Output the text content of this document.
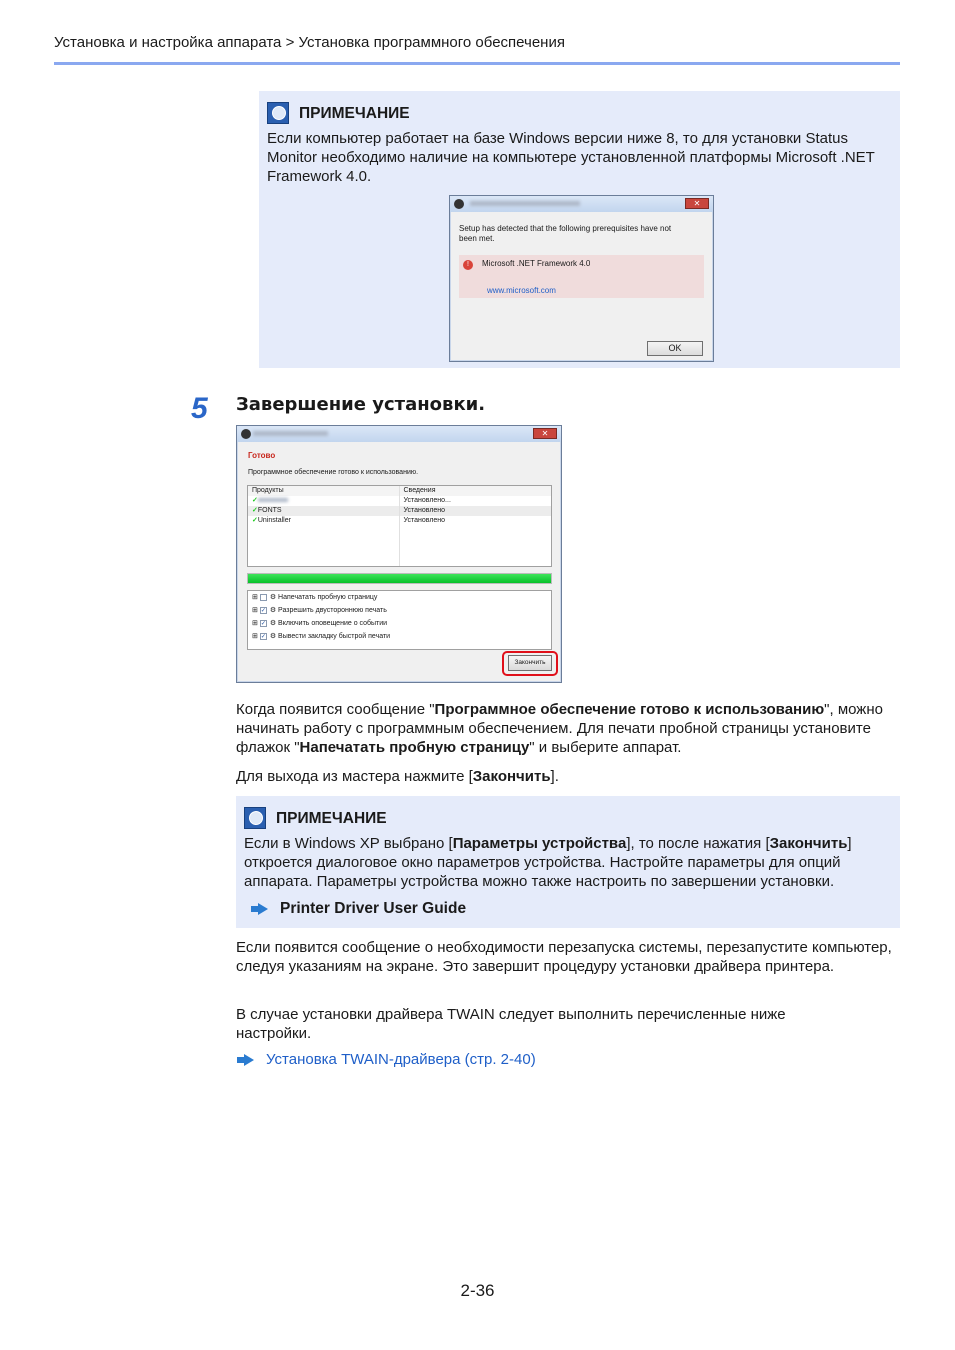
Установка и настройка аппарата > Установка программного обеспечения
ПРИМЕЧАНИЕ
Если компьютер работает на базе Windows версии ниже 8, то для установки Status Monitor необходимо наличие на компьютере установленной платформы Microsoft .NET Framework 4.0.
✕
Setup has detected that the following prerequisites have not been met.
!	Microsoft .NET Framework 4.0
www.microsoft.com
OK
5 Завершение установки.
✕
Готово
Программное обеспечение готово к использованию.
Продукты	Сведения
✓	Установлено...
✓FONTS	Установлено
✓Uninstaller	Установлено
⊞ ⚙ Напечатать пробную страницу
⊞ ✓ ⚙ Разрешить двустороннюю печать
⊞ ✓ ⚙ Включить оповещение о событии
⊞ ✓ ⚙ Вывести закладку быстрой печати
Закончить
Когда появится сообщение "Программное обеспечение готово к использованию", можно начинать работу с программным обеспечением. Для печати пробной страницы установите флажок "Напечатать пробную страницу" и выберите аппарат.
Для выхода из мастера нажмите [Закончить].
ПРИМЕЧАНИЕ
Если в Windows XP выбрано [Параметры устройства], то после нажатия [Закончить] откроется диалоговое окно параметров устройства. Настройте параметры для опций аппарата. Параметры устройства можно также настроить по завершении установки.
Printer Driver User Guide
Если появится сообщение о необходимости перезапуска системы, перезапустите компьютер, следуя указаниям на экране. Это завершит процедуру установки драйвера принтера.
В случае установки драйвера TWAIN следует выполнить перечисленные ниже настройки.
Установка TWAIN-драйвера (стр. 2-40)
2-36
